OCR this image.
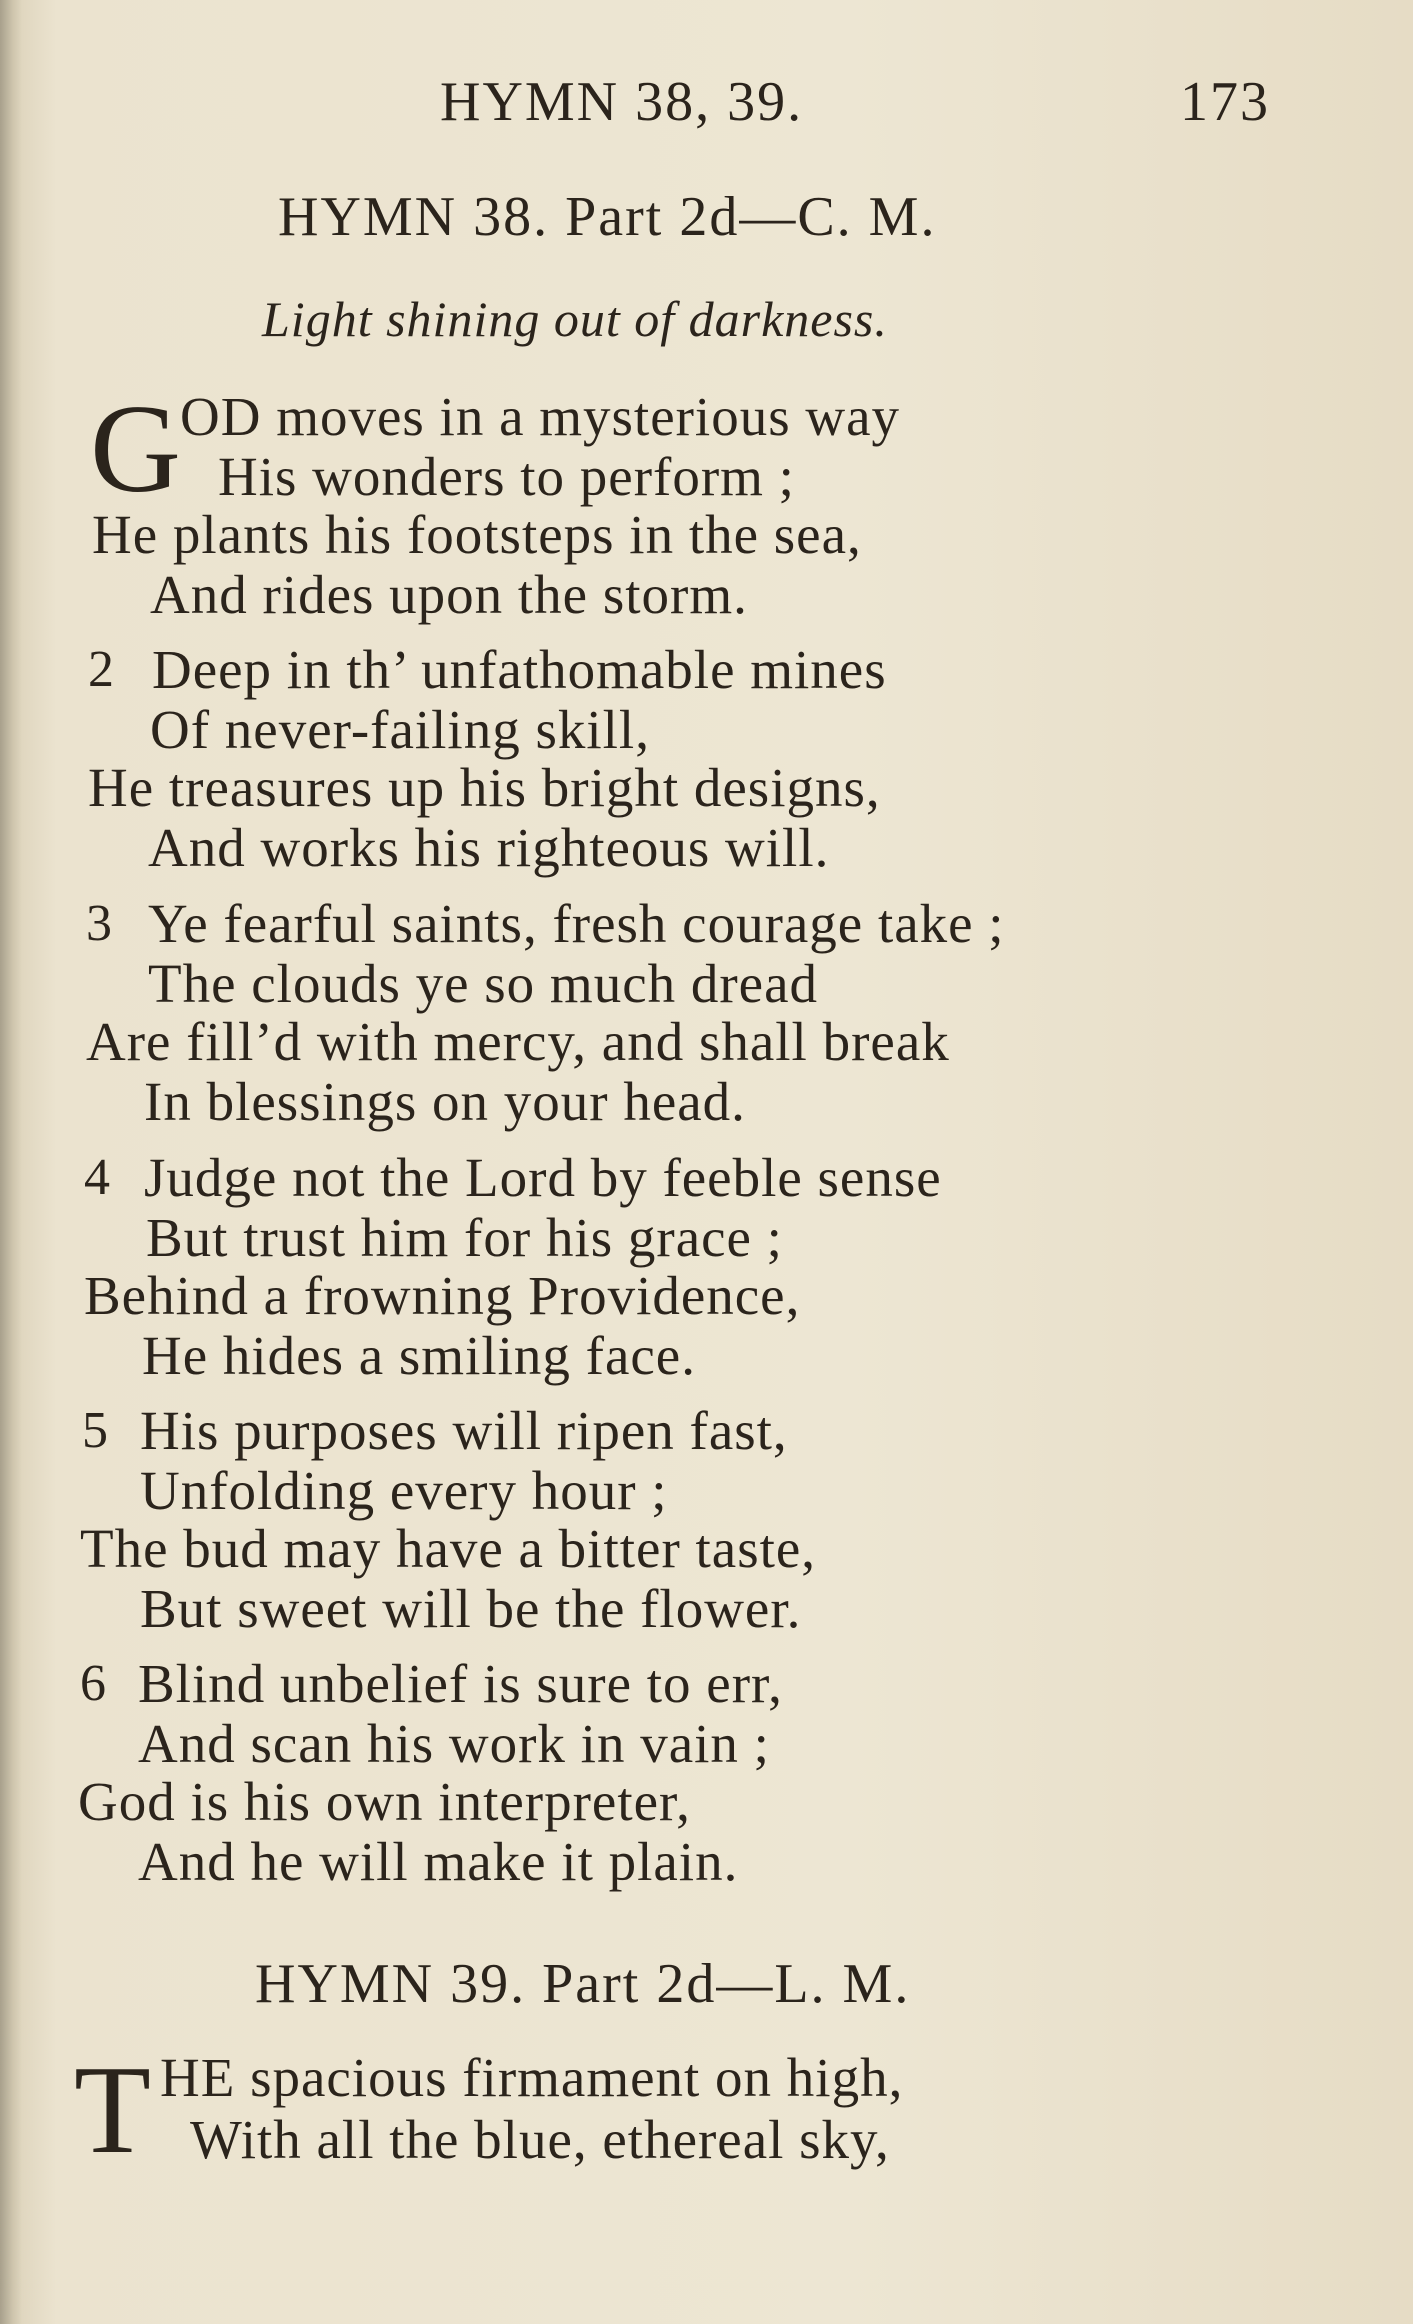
HYMN 38, 39.	173
HYMN 38. Part 2d—C. M.
Light shining out of darkness.
G OD moves in a mysterious way
His wonders to perform ;
He plants his footsteps in the sea,
And rides upon the storm.
2 Deep in th’ unfathomable mines
Of never-failing skill,
He treasures up his bright designs,
And works his righteous will.
3 Ye fearful saints, fresh courage take ;
The clouds ye so much dread
Are fill’d with mercy, and shall break
In blessings on your head.
4 Judge not the Lord by feeble sense
But trust him for his grace ;
Behind a frowning Providence,
He hides a smiling face.
5 His purposes will ripen fast,
Unfolding every hour ;
The bud may have a bitter taste,
But sweet will be the flower.
6 Blind unbelief is sure to err,
And scan his work in vain ;
God is his own interpreter,
And he will make it plain.
HYMN 39. Part 2d—L. M.
T HE spacious firmament on high,
With all the blue, ethereal sky,
